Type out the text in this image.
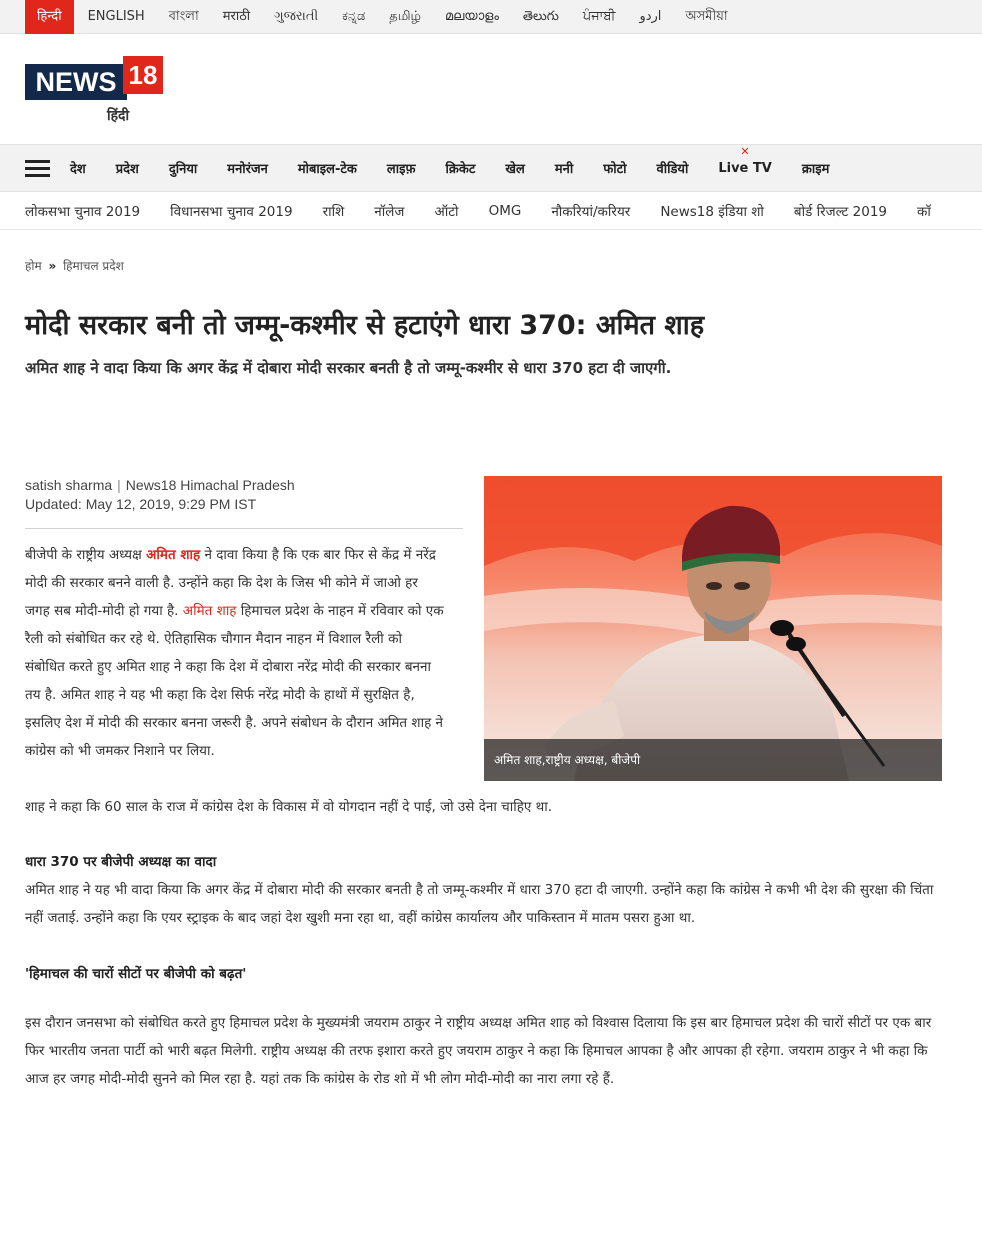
हिन्दी	ENGLISH বাংলা मराठी ગુજરાતી ಕನ್ನಡ தமிழ் മലയാളം తెలుగు ਪੰਜਾਬੀ اردو অসমীয়া
NEWS 18
हिंदी
देश प्रदेश दुनिया मनोरंजन मोबाइल-टेक लाइफ़ क्रिकेट खेल मनी फोटो वीडियो
✕
Live TV क्राइम
लोकसभा चुनाव 2019 विधानसभा चुनाव 2019 राशि नॉलेज ऑटो OMG नौकरियां/करियर News18 इंडिया शो बोर्ड रिजल्ट 2019 कॉ
होम » हिमाचल प्रदेश
मोदी सरकार बनी तो जम्मू-कश्मीर से हटाएंगे धारा 370: अमित शाह
अमित शाह ने वादा किया कि अगर केंद्र में दोबारा मोदी सरकार बनती है तो जम्मू-कश्मीर से धारा 370 हटा दी जाएगी.
satish sharma | News18 Himachal Pradesh
Updated: May 12, 2019, 9:29 PM IST
अमित शाह,राष्ट्रीय अध्यक्ष, बीजेपी

बीजेपी के राष्ट्रीय अध्यक्ष अमित शाह ने दावा किया है कि एक बार फिर से केंद्र में नरेंद्र मोदी की सरकार बनने वाली है. उन्होंने कहा कि देश के जिस भी कोने में जाओ हर जगह सब मोदी-मोदी हो गया है. अमित शाह हिमाचल प्रदेश के नाहन में रविवार को एक रैली को संबोधित कर रहे थे. ऐतिहासिक चौगान मैदान नाहन में विशाल रैली को संबोधित करते हुए अमित शाह ने कहा कि देश में दोबारा नरेंद्र मोदी की सरकार बनना तय है. अमित शाह ने यह भी कहा कि देश सिर्फ नरेंद्र मोदी के हाथों में सुरक्षित है, इसलिए देश में मोदी की सरकार बनना जरूरी है. अपने संबोधन के दौरान अमित शाह ने कांग्रेस को भी जमकर निशाने पर लिया.

शाह ने कहा कि 60 साल के राज में कांग्रेस देश के विकास में वो योगदान नहीं दे पाई, जो उसे देना चाहिए था.

धारा 370 पर बीजेपी अध्यक्ष का वादा

अमित शाह ने यह भी वादा किया कि अगर केंद्र में दोबारा मोदी की सरकार बनती है तो जम्मू-कश्मीर में धारा 370 हटा दी जाएगी. उन्होंने कहा कि कांग्रेस ने कभी भी देश की सुरक्षा की चिंता नहीं जताई. उन्होंने कहा कि एयर स्ट्राइक के बाद जहां देश खुशी मना रहा था, वहीं कांग्रेस कार्यालय और पाकिस्तान में मातम पसरा हुआ था.

'हिमाचल की चारों सीटों पर बीजेपी को बढ़त'

इस दौरान जनसभा को संबोधित करते हुए हिमाचल प्रदेश के मुख्यमंत्री जयराम ठाकुर ने राष्ट्रीय अध्यक्ष अमित शाह को विश्वास दिलाया कि इस बार हिमाचल प्रदेश की चारों सीटों पर एक बार फिर भारतीय जनता पार्टी को भारी बढ़त मिलेगी. राष्ट्रीय अध्यक्ष की तरफ इशारा करते हुए जयराम ठाकुर ने कहा कि हिमाचल आपका है और आपका ही रहेगा. जयराम ठाकुर ने भी कहा कि आज हर जगह मोदी-मोदी सुनने को मिल रहा है. यहां तक कि कांग्रेस के रोड शो में भी लोग मोदी-मोदी का नारा लगा रहे हैं.
